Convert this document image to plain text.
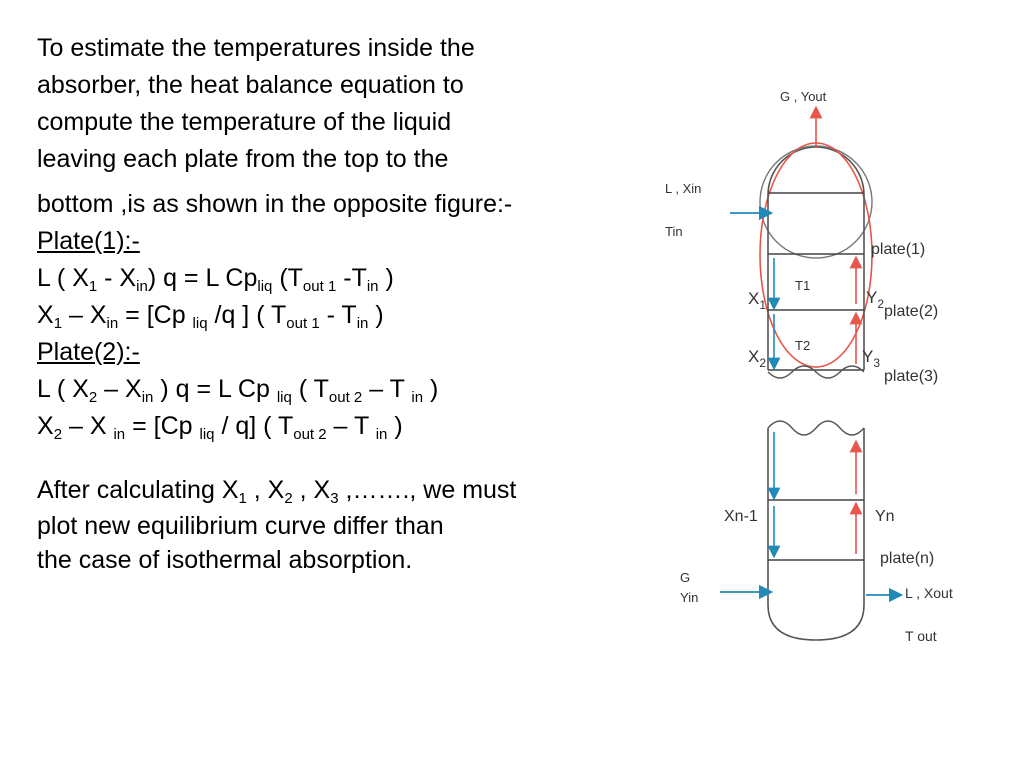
To estimate the temperatures inside the

absorber, the heat balance equation to

compute the temperature of the liquid

leaving each plate from the top to the

bottom ,is as shown in the opposite figure:-

Plate(1):-

L ( $X_1 - X_{in}$) q = L $Cp_{liq}$ ($T_{out 1}$ $-T_{in}$ )

$X_1 - X_{in} = [Cp$ $_{liq}$ /q ] ( $T_{out 1} - T_{in}$ )

Plate(2):-

L ( $X_2 - X_{in}$ ) q = L Cp $_{liq}$ ( $T_{out 2}$ – T $_{in}$ )

$X_2$ – X $_{in}$ = [Cp $_{liq}$ / q] ( $T_{out 2}$ – T $_{in}$ )

After calculating $X_1$ , $X_2$ , $X_3$ ,……., we must

plot new equilibrium curve differ than

the case of isothermal absorption.

G , Yout
L , Xin
Tin
plate(1)
plate(2)
plate(3)
T1
T2
$X_1$
$X_2$
$Y_2$
$Y_3$
Xn-1	Yn
plate(n)
G
Yin	L , Xout
T out
